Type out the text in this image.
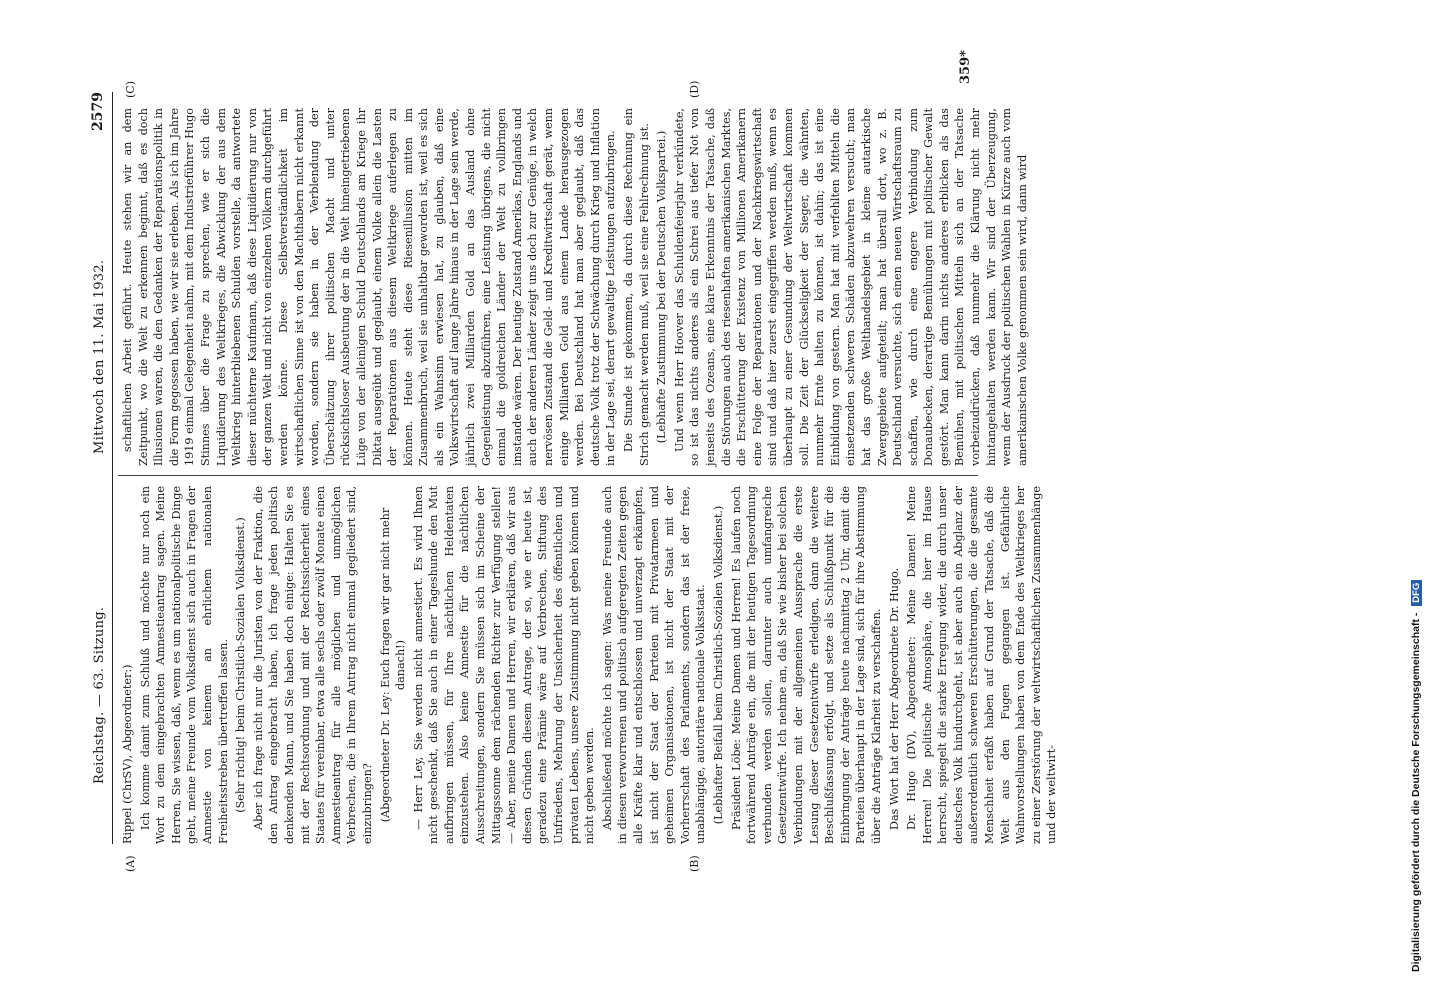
Reichstag. — 63. Sitzung.
Mittwoch den 11. Mai 1932.
2579

Rippel (ChrSV), Abgeordneter:) Ich komme damit zum Schluß und möchte nur noch ein Wort zu dem eingebrachten Amnestieantrag sagen. Meine Herren, Sie wissen, daß, wenn es um nationalpolitische Dinge geht, meine Freunde vom Volksdienst sich auch in Fragen der Amnestie von keinem an ehrlichem nationalen Freiheitsstreben übertreffen lassen. (Sehr richtig! beim Christlich-Sozialen Volksdienst.) Aber ich frage nicht nur die Juristen von der Fraktion, die den Antrag eingebracht haben, ich frage jeden politisch denkenden Mann, und Sie haben doch einige: Halten Sie es mit der Rechtsordnung und mit der Rechtssicherheit eines Staates für vereinbar, etwa alle sechs oder zwölf Monate einen Amnestieantrag für alle möglichen und unmöglichen Verbrechen, die in Ihrem Antrag nicht einmal gegliedert sind, einzubringen? (Abgeordneter Dr. Ley: Euch fragen wir gar nicht mehr danach!) — Herr Ley, Sie werden nicht amnestiert. Es wird Ihnen nicht geschenkt, daß Sie auch in einer Tageshunde den Mut aufbringen müssen, für Ihre nächtlichen Heldentaten einzustehen. Also keine Amnestie für die nächtlichen Ausschreitungen, sondern Sie müssen sich im Scheine der Mittagssonne dem rächenden Richter zur Verfügung stellen! — Aber, meine Damen und Herren, wir erklären, daß wir aus diesen Gründen diesem Antrage, der so, wie er heute ist, geradezu eine Prämie wäre auf Verbrechen, Stiftung des Unfriedens, Mehrung der Unsicherheit des öffentlichen und privaten Lebens, unsere Zustimmung nicht geben können und nicht geben werden. Abschließend möchte ich sagen: Was meine Freunde auch in diesen verworrenen und politisch aufgeregten Zeiten gegen alle Kräfte klar und entschlossen und unverzagt erkämpfen, ist nicht der Staat der Parteien mit Privatarmeen und geheimen Organisationen, ist nicht der Staat mit der Vorherrschaft des Parlaments, sondern das ist der freie, unabhängige, autoritäre nationale Volksstaat. (Lebhafter Beifall beim Christlich-Sozialen Volksdienst.) Präsident Löbe: Meine Damen und Herren! Es laufen noch fortwährend Anträge ein, die mit der heutigen Tagesordnung verbunden werden sollen, darunter auch umfangreiche Gesetzentwürfe. Ich nehme an, daß Sie wie bisher bei solchen Verbindungen mit der allgemeinen Aussprache die erste Lesung dieser Gesetzentwürfe erledigen, dann die weitere Beschlußfassung erfolgt, und setze als Schlußpunkt für die Einbringung der Anträge heute nachmittag 2 Uhr, damit die Parteien überhaupt in der Lage sind, sich für ihre Abstimmung über die Anträge Klarheit zu verschaffen. Das Wort hat der Herr Abgeordnete Dr. Hugo. Dr. Hugo (DV), Abgeordneter: Meine Damen! Meine Herren! Die politische Atmosphäre, die hier im Hause herrscht, spiegelt die starke Erregung wider, die durch unser deutsches Volk hindurchgeht, ist aber auch ein Abglanz der außerordentlich schweren Erschütterungen, die die gesamte Menschheit erfaßt haben auf Grund der Tatsache, daß die Welt aus den Fugen gegangen ist. Gefährliche Wahnvorstellungen haben von dem Ende des Weltkrieges her zu einer Zerstörung der weltwirtschaftlichen Zusammenhänge und der weltwirt-

schaftlichen Arbeit geführt. Heute stehen wir an dem Zeitpunkt, wo die Welt zu erkennen beginnt, daß es doch Illusionen waren, die den Gedanken der Reparationspolitik in die Form gegossen haben, wie wir sie erleben. Als ich im Jahre 1919 einmal Gelegenheit nahm, mit dem Industrieführer Hugo Stinnes über die Frage zu sprechen, wie er sich die Liquidierung des Weltkrieges, die Abwicklung der aus dem Weltkrieg hinterbliebenen Schulden vorstelle, da antwortete dieser nüchterne Kaufmann, daß diese Liquidierung nur von der ganzen Welt und nicht von einzelnen Völkern durchgeführt werden könne. Diese Selbstverständlichkeit im wirtschaftlichen Sinne ist von den Machthabern nicht erkannt worden, sondern sie haben in der Verblendung der Überschätzung ihrer politischen Macht und unter rücksichtsloser Ausbeutung der in die Welt hineingetriebenen Lüge von der alleinigen Schuld Deutschlands am Kriege ihr Diktat ausgeübt und geglaubt, einem Volke allein die Lasten der Reparationen aus diesem Weltkriege auferlegen zu können. Heute steht diese Riesenillusion mitten im Zusammenbruch, weil sie unhaltbar geworden ist, weil es sich als ein Wahnsinn erwiesen hat, zu glauben, daß eine Volkswirtschaft auf lange Jahre hinaus in der Lage sein werde, jährlich zwei Milliarden Gold an das Ausland ohne Gegenleistung abzuführen, eine Leistung übrigens, die nicht einmal die goldreichen Länder der Welt zu vollbringen imstande wären. Der heutige Zustand Amerikas, Englands und auch der anderen Länder zeigt uns doch zur Genüge, in welch nervösen Zustand die Geld- und Kreditwirtschaft gerät, wenn einige Milliarden Gold aus einem Lande herausgezogen werden. Bei Deutschland hat man aber geglaubt, daß das deutsche Volk trotz der Schwächung durch Krieg und Inflation in der Lage sei, derart gewaltige Leistungen aufzubringen. Die Stunde ist gekommen, da durch diese Rechnung ein Strich gemacht werden muß, weil sie eine Fehlrechnung ist. (Lebhafte Zustimmung bei der Deutschen Volkspartei.) Und wenn Herr Hoover das Schuldenfeierjahr verkündete, so ist das nichts anderes als ein Schrei aus tiefer Not von jenseits des Ozeans, eine klare Erkenntnis der Tatsache, daß die Störungen auch des riesenhaften amerikanischen Marktes, die Erschütterung der Existenz von Millionen Amerikanern eine Folge der Reparationen und der Nachkriegswirtschaft sind und daß hier zuerst eingegriffen werden muß, wenn es überhaupt zu einer Gesundung der Weltwirtschaft kommen soll. Die Zeit der Glückseligkeit der Sieger, die wähnten, nunmehr Ernte halten zu können, ist dahin; das ist eine Einbildung von gestern. Man hat mit verfehlten Mitteln die einsetzenden schweren Schäden abzuwehren versucht; man hat das große Welthandelsgebiet in kleine autarkische Zwerggebiete aufgeteilt; man hat überall dort, wo z. B. Deutschland versuchte, sich einen neuen Wirtschaftsraum zu schaffen, wie durch eine engere Verbindung zum Donaubecken, derartige Bemühungen mit politischer Gewalt gestört. Man kann darin nichts anderes erblicken als das Bemühen, mit politischen Mitteln sich an der Tatsache vorbeizudrücken, daß nunmehr die Klärung nicht mehr hintangehalten werden kann. Wir sind der Überzeugung, wenn der Ausdruck der politischen Wahlen in Kürze auch vom amerikanischen Volke genommen sein wird, dann wird

(A)	(B)
(C)	(D)
359*
Digitalisierung gefördert durch die Deutsche Forschungsgemeinschaft - DFG
